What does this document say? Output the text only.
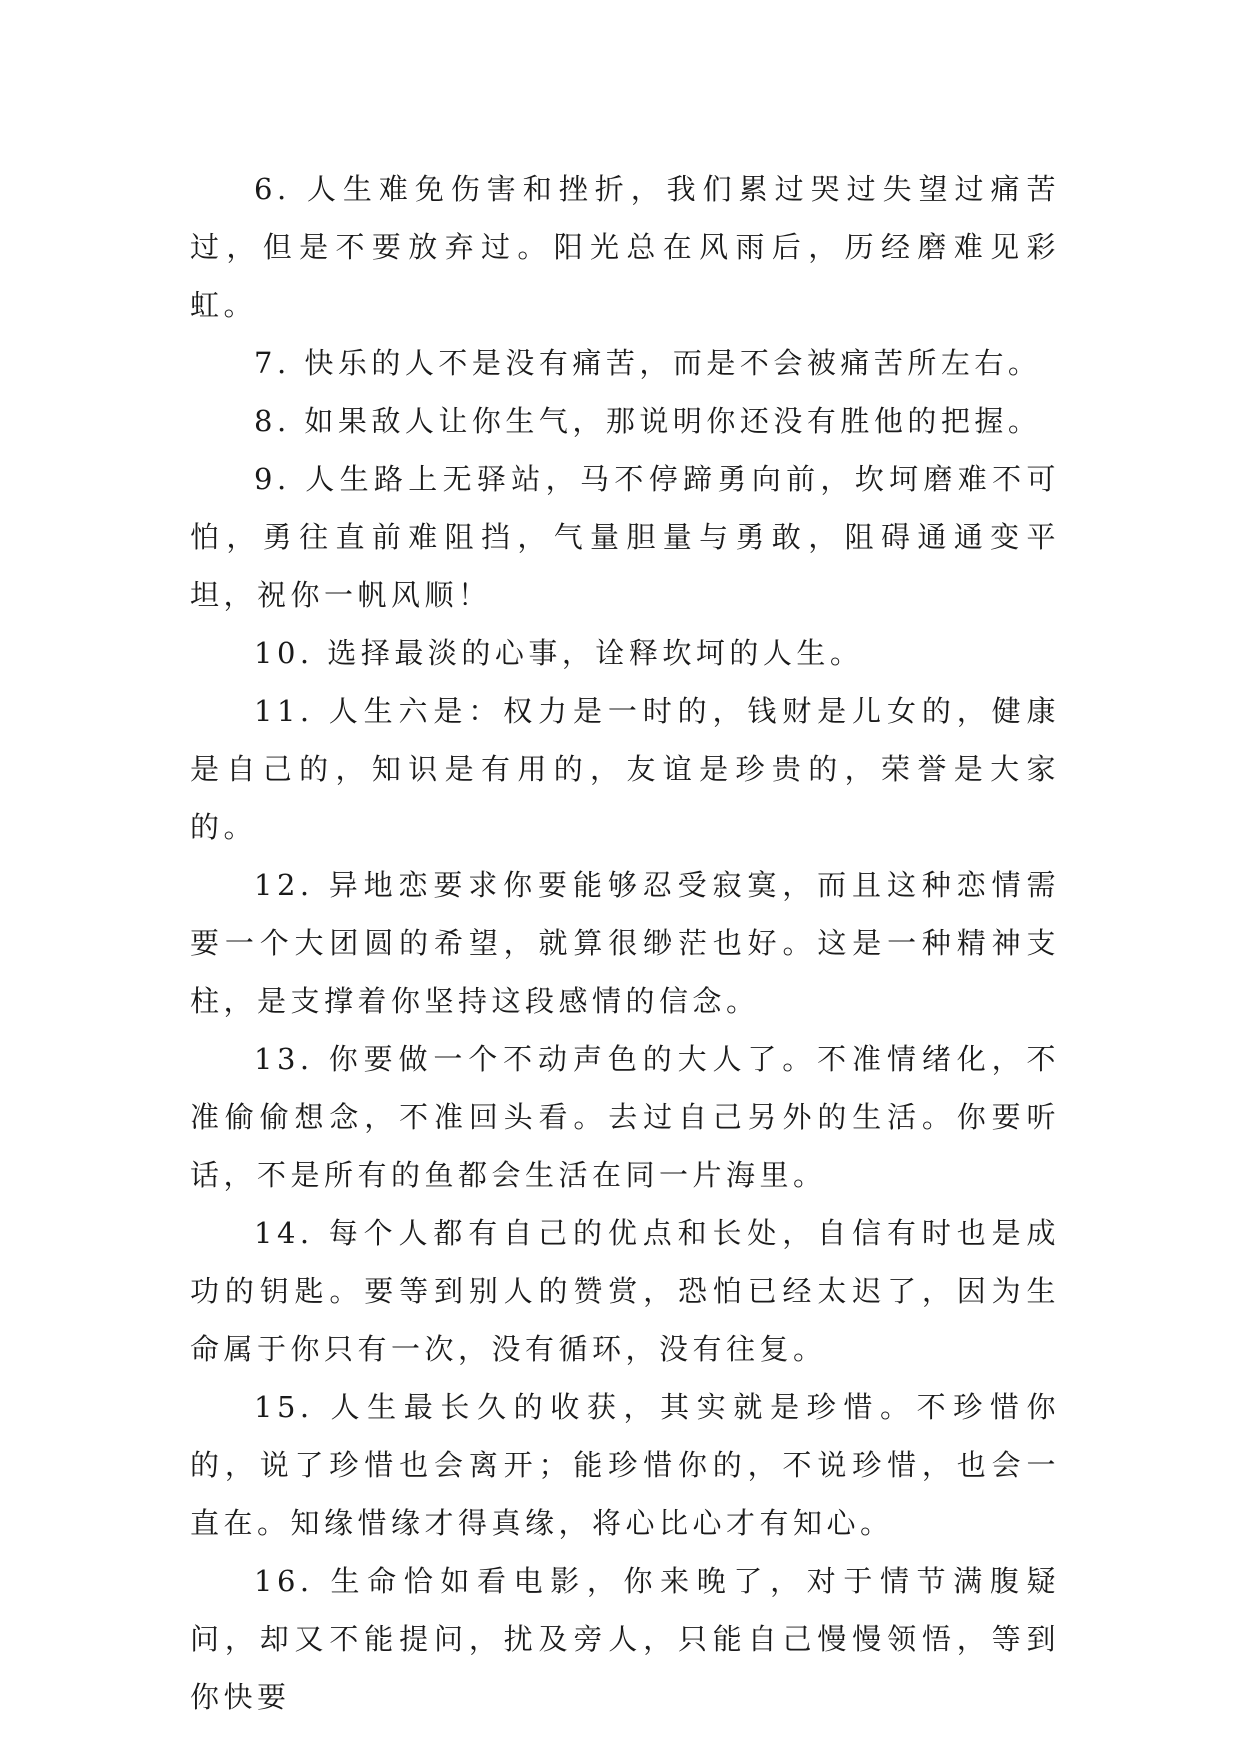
6. 人生难免伤害和挫折，我们累过哭过失望过痛苦过，但是不要放弃过。阳光总在风雨后，历经磨难见彩虹。

7. 快乐的人不是没有痛苦，而是不会被痛苦所左右。

8. 如果敌人让你生气，那说明你还没有胜他的把握。

9. 人生路上无驿站，马不停蹄勇向前，坎坷磨难不可怕，勇往直前难阻挡，气量胆量与勇敢，阻碍通通变平坦，祝你一帆风顺！

10. 选择最淡的心事，诠释坎坷的人生。

11. 人生六是：权力是一时的，钱财是儿女的，健康是自己的，知识是有用的，友谊是珍贵的，荣誉是大家的。

12. 异地恋要求你要能够忍受寂寞，而且这种恋情需要一个大团圆的希望，就算很缈茫也好。这是一种精神支柱，是支撑着你坚持这段感情的信念。

13. 你要做一个不动声色的大人了。不准情绪化，不准偷偷想念，不准回头看。去过自己另外的生活。你要听话，不是所有的鱼都会生活在同一片海里。

14. 每个人都有自己的优点和长处，自信有时也是成功的钥匙。要等到别人的赞赏，恐怕已经太迟了，因为生命属于你只有一次，没有循环，没有往复。

15. 人生最长久的收获，其实就是珍惜。不珍惜你的，说了珍惜也会离开；能珍惜你的，不说珍惜，也会一直在。知缘惜缘才得真缘，将心比心才有知心。

16. 生命恰如看电影，你来晚了，对于情节满腹疑问，却又不能提问，扰及旁人，只能自己慢慢领悟，等到你快要
